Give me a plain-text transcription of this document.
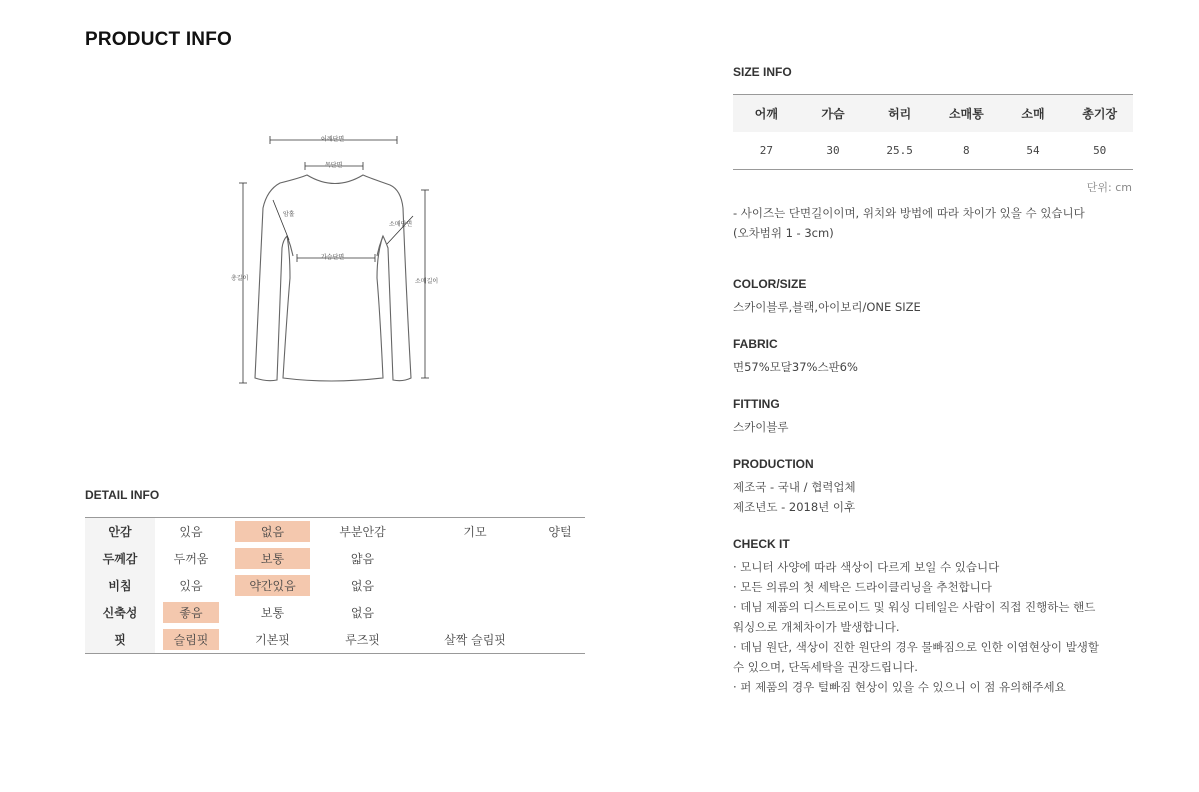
PRODUCT INFO
어깨단면
목단면
암홀
소매단면
가슴단면
총길이	소매길이
DETAIL INFO
안감	있음	없음	부분안감	기모	양털
두께감	두꺼움	보통	얇음
비침	있음	약간있음	없음
신축성	좋음	보통	없음
핏	슬림핏	기본핏	루즈핏	살짝 슬림핏
SIZE INFO
어깨	가슴	허리	소매통	소매	총기장
27	30	25.5	8	54	50
단위: cm
- 사이즈는 단면길이이며, 위치와 방법에 따라 차이가 있을 수 있습니다
(오차범위 1 - 3cm)
COLOR/SIZE
스카이블루,블랙,아이보리/ONE SIZE
FABRIC
면57%모달37%스판6%
FITTING
스카이블루
PRODUCTION
제조국 - 국내 / 협력업체
제조년도 - 2018년 이후
CHECK IT
· 모니터 사양에 따라 색상이 다르게 보일 수 있습니다
· 모든 의류의 첫 세탁은 드라이클리닝을 추천합니다
· 데님 제품의 디스트로이드 및 워싱 디테일은 사람이 직접 진행하는 핸드
워싱으로 개체차이가 발생합니다.
· 데님 원단, 색상이 진한 원단의 경우 물빠짐으로 인한 이염현상이 발생할
수 있으며, 단독세탁을 권장드립니다.
· 퍼 제품의 경우 털빠짐 현상이 있을 수 있으니 이 점 유의해주세요
